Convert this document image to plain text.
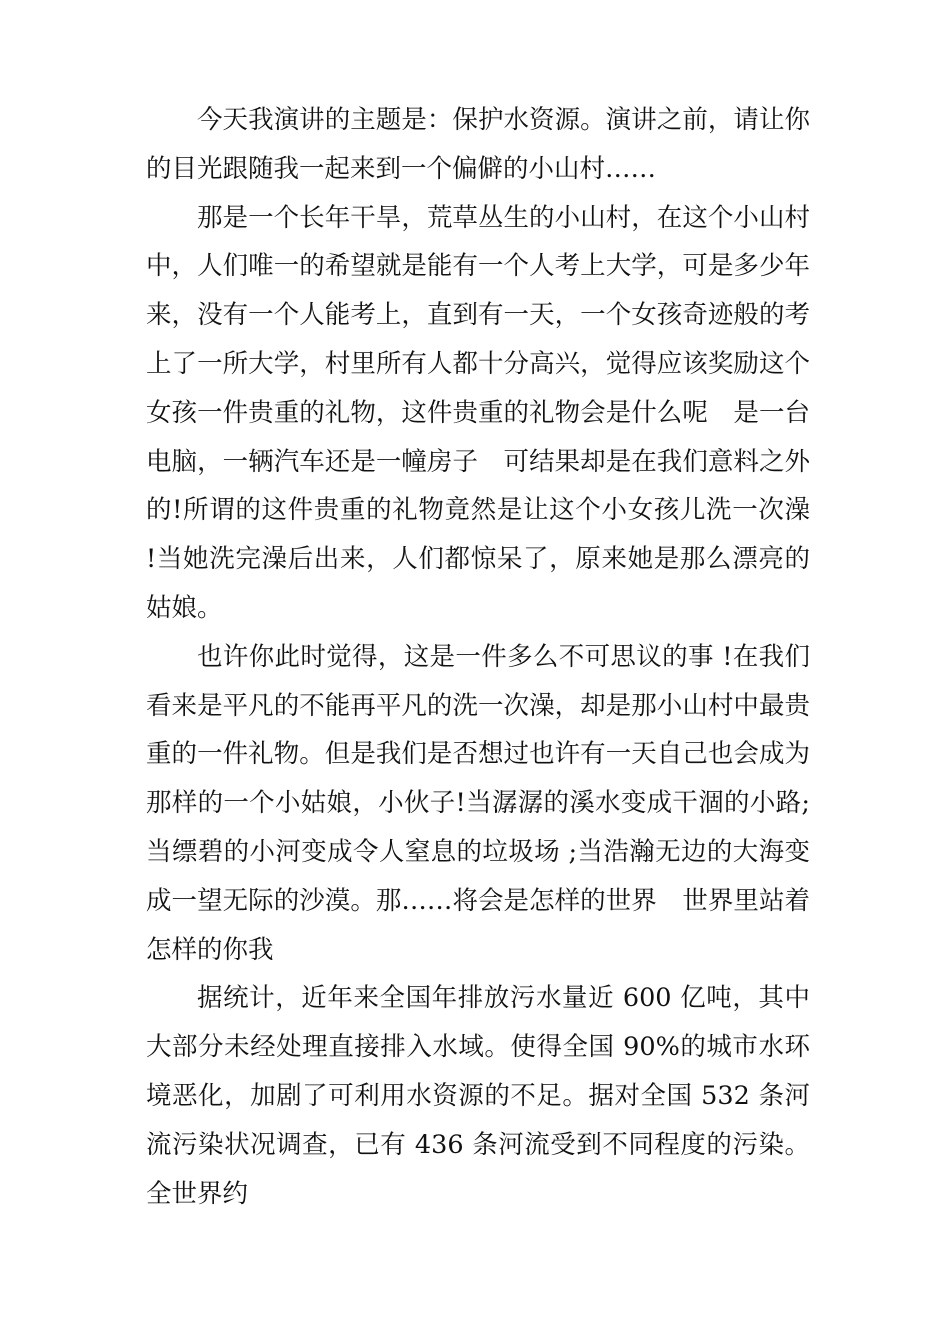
今天我演讲的主题是：保护水资源。演讲之前，请让你的目光跟随我一起来到一个偏僻的小山村……

那是一个长年干旱，荒草丛生的小山村，在这个小山村中，人们唯一的希望就是能有一个人考上大学，可是多少年来，没有一个人能考上，直到有一天，一个女孩奇迹般的考上了一所大学，村里所有人都十分高兴，觉得应该奖励这个女孩一件贵重的礼物，这件贵重的礼物会是什么呢　是一台电脑，一辆汽车还是一幢房子　可结果却是在我们意料之外的!所谓的这件贵重的礼物竟然是让这个小女孩儿洗一次澡 !当她洗完澡后出来，人们都惊呆了，原来她是那么漂亮的姑娘。

也许你此时觉得，这是一件多么不可思议的事 !在我们看来是平凡的不能再平凡的洗一次澡，却是那小山村中最贵重的一件礼物。但是我们是否想过也许有一天自己也会成为那样的一个小姑娘，小伙子!当潺潺的溪水变成干涸的小路;当缥碧的小河变成令人窒息的垃圾场 ;当浩瀚无边的大海变成一望无际的沙漠。那……将会是怎样的世界　世界里站着怎样的你我

据统计，近年来全国年排放污水量近 600 亿吨，其中大部分未经处理直接排入水域。使得全国 90%的城市水环境恶化，加剧了可利用水资源的不足。据对全国 532 条河流污染状况调查，已有 436 条河流受到不同程度的污染。全世界约
